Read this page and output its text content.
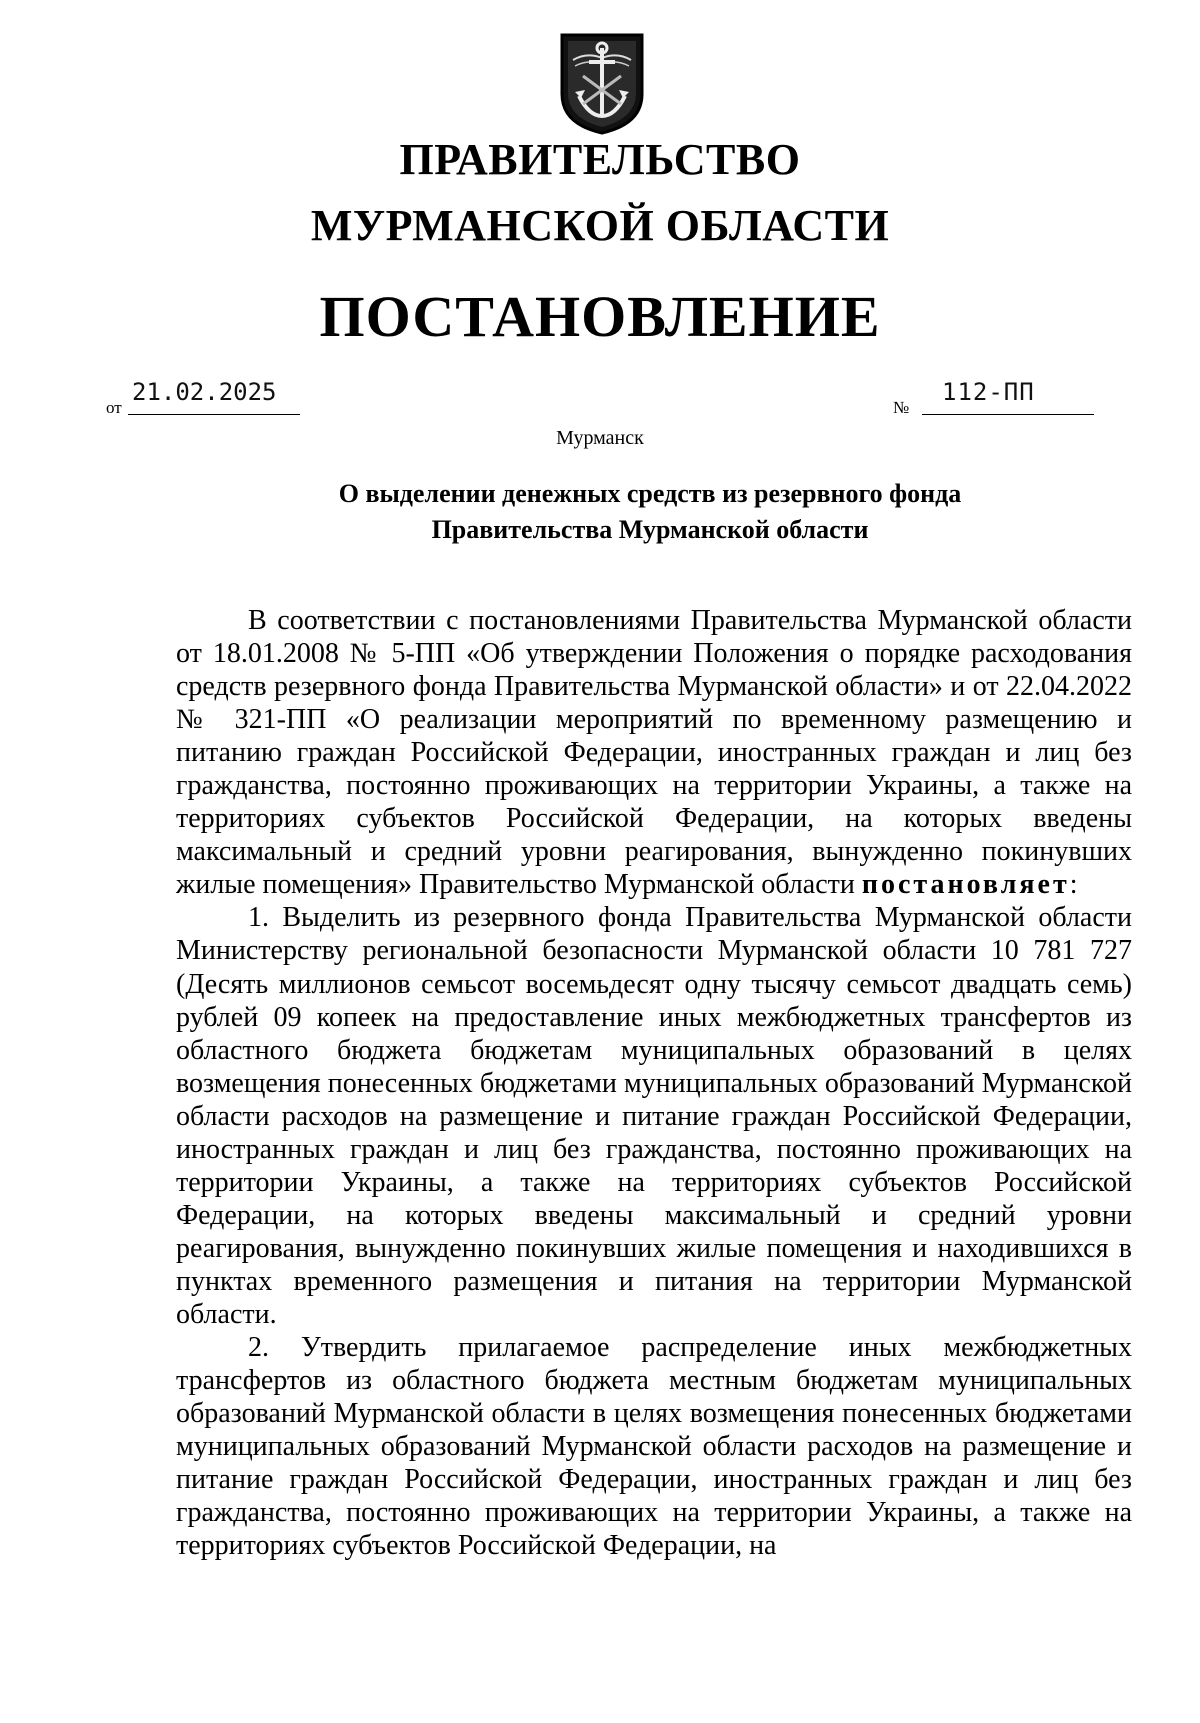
ПРАВИТЕЛЬСТВО
МУРМАНСКОЙ ОБЛАСТИ
ПОСТАНОВЛЕНИЕ
от
21.02.2025
№
112-ПП
Мурманск
О выделении денежных средств из резервного фонда
Правительства Мурманской области

В соответствии с постановлениями Правительства Мурманской области от 18.01.2008 № 5-ПП «Об утверждении Положения о порядке расходования средств резервного фонда Правительства Мурманской области» и от 22.04.2022 № 321-ПП «О реализации мероприятий по временному размещению и питанию граждан Российской Федерации, иностранных граждан и лиц без гражданства, постоянно проживающих на территории Украины, а также на территориях субъектов Российской Федерации, на которых введены максимальный и средний уровни реагирования, вынужденно покинувших жилые помещения» Правительство Мурманской области постановляет:

1. Выделить из резервного фонда Правительства Мурманской области Министерству региональной безопасности Мурманской области 10 781 727 (Десять миллионов семьсот восемьдесят одну тысячу семьсот двадцать семь) рублей 09 копеек на предоставление иных межбюджетных трансфертов из областного бюджета бюджетам муниципальных образований в целях возмещения понесенных бюджетами муниципальных образований Мурманской области расходов на размещение и питание граждан Российской Федерации, иностранных граждан и лиц без гражданства, постоянно проживающих на территории Украины, а также на территориях субъектов Российской Федерации, на которых введены максимальный и средний уровни реагирования, вынужденно покинувших жилые помещения и находившихся в пунктах временного размещения и питания на территории Мурманской области.

2. Утвердить прилагаемое распределение иных межбюджетных трансфертов из областного бюджета местным бюджетам муниципальных образований Мурманской области в целях возмещения понесенных бюджетами муниципальных образований Мурманской области расходов на размещение и питание граждан Российской Федерации, иностранных граждан и лиц без гражданства, постоянно проживающих на территории Украины, а также на территориях субъектов Российской Федерации, на
